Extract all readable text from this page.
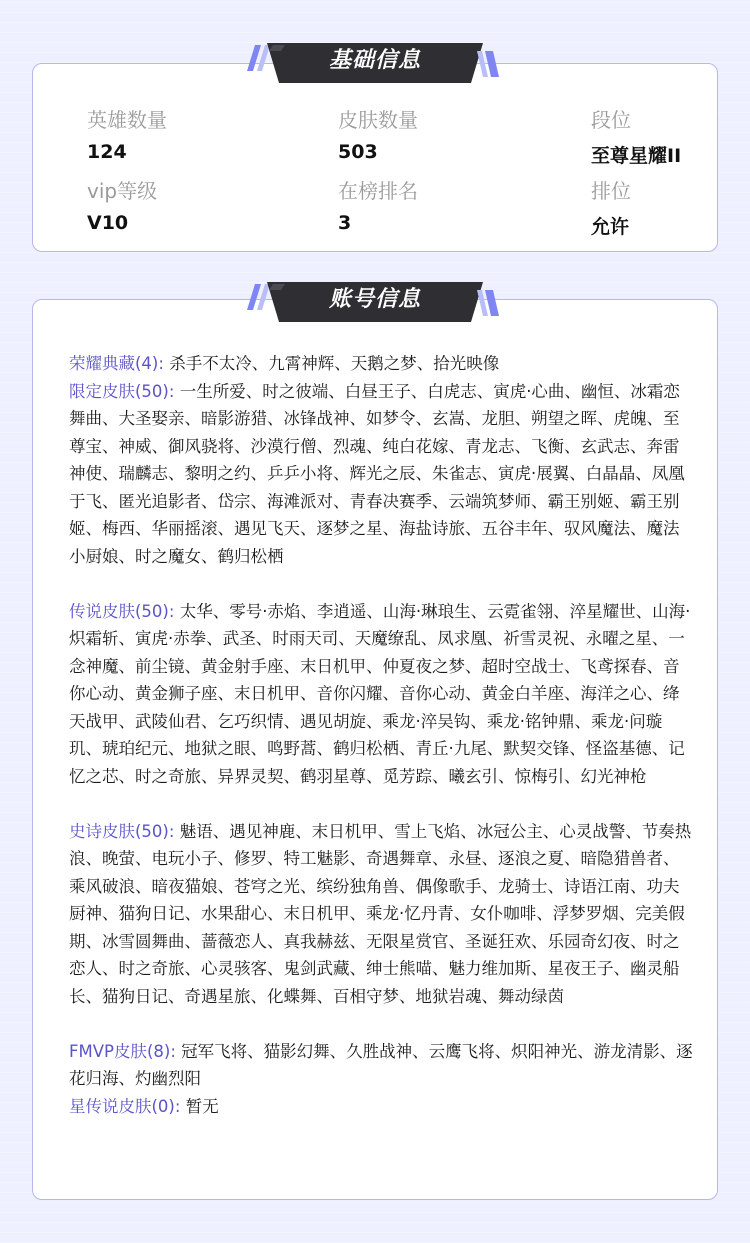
英雄数量
124
皮肤数量
503
段位
至尊星耀II
vip等级
V10
在榜排名
3
排位
允许
基础信息
荣耀典藏(4): 杀手不太冷、九霄神辉、天鹅之梦、拾光映像
限定皮肤(50): 一生所爱、时之彼端、白昼王子、白虎志、寅虎·心曲、幽恒、冰霜恋舞曲、大圣娶亲、暗影游猎、冰锋战神、如梦令、玄嵩、龙胆、朔望之晖、虎魄、至尊宝、神威、御风骁将、沙漠行僧、烈魂、纯白花嫁、青龙志、飞衡、玄武志、奔雷神使、瑞麟志、黎明之约、乒乒小将、辉光之辰、朱雀志、寅虎·展翼、白晶晶、凤凰于飞、匿光追影者、岱宗、海滩派对、青春决赛季、云端筑梦师、霸王别姬、霸王别姬、梅西、华丽摇滚、遇见飞天、逐梦之星、海盐诗旅、五谷丰年、驭风魔法、魔法小厨娘、时之魔女、鹤归松栖
传说皮肤(50): 太华、零号·赤焰、李逍遥、山海·琳琅生、云霓雀翎、淬星耀世、山海·炽霜斩、寅虎·赤拳、武圣、时雨天司、天魔缭乱、凤求凰、祈雪灵祝、永曜之星、一念神魔、前尘镜、黄金射手座、末日机甲、仲夏夜之梦、超时空战士、飞鸢探春、音你心动、黄金狮子座、末日机甲、音你闪耀、音你心动、黄金白羊座、海洋之心、绛天战甲、武陵仙君、乞巧织情、遇见胡旋、乘龙·淬吴钩、乘龙·铭钟鼎、乘龙·问璇玑、琥珀纪元、地狱之眼、鸣野蒿、鹤归松栖、青丘·九尾、默契交锋、怪盗基德、记忆之芯、时之奇旅、异界灵契、鹤羽星尊、觅芳踪、曦玄引、惊梅引、幻光神枪
史诗皮肤(50): 魅语、遇见神鹿、末日机甲、雪上飞焰、冰冠公主、心灵战警、节奏热浪、晚萤、电玩小子、修罗、特工魅影、奇遇舞章、永昼、逐浪之夏、暗隐猎兽者、乘风破浪、暗夜猫娘、苍穹之光、缤纷独角兽、偶像歌手、龙骑士、诗语江南、功夫厨神、猫狗日记、水果甜心、末日机甲、乘龙·忆丹青、女仆咖啡、浮梦罗烟、完美假期、冰雪圆舞曲、蔷薇恋人、真我赫兹、无限星赏官、圣诞狂欢、乐园奇幻夜、时之恋人、时之奇旅、心灵骇客、鬼剑武藏、绅士熊喵、魅力维加斯、星夜王子、幽灵船长、猫狗日记、奇遇星旅、化蝶舞、百相守梦、地狱岩魂、舞动绿茵
FMVP皮肤(8): 冠军飞将、猫影幻舞、久胜战神、云鹰飞将、炽阳神光、游龙清影、逐花归海、灼幽烈阳
星传说皮肤(0): 暂无
账号信息
